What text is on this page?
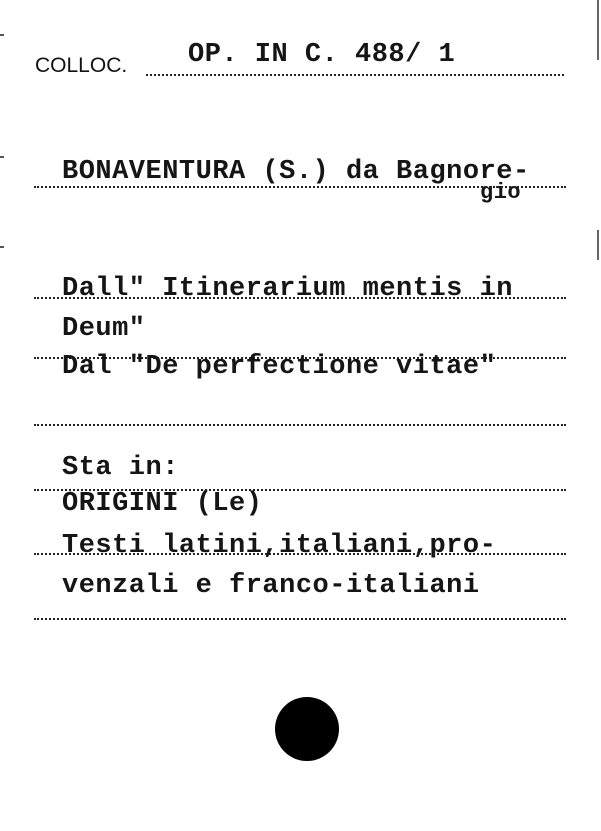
COLLOC. OP. IN C. 488/ 1
BONAVENTURA (S.) da Bagnore-
gio
Dall" Itinerarium mentis in
Deum"
Dal "De perfectione vitae"
Sta in:
ORIGINI (Le)
Testi latini,italiani,pro-
venzali e franco-italiani
